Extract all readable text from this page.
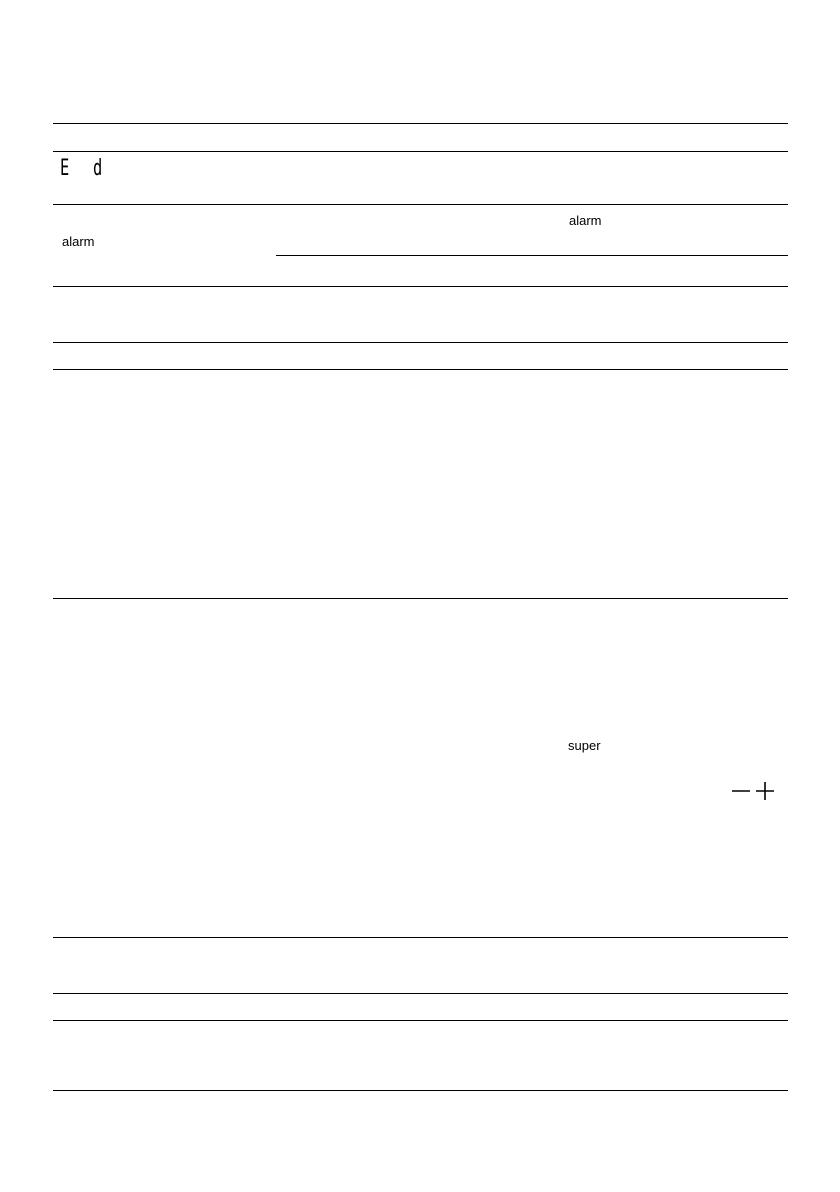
E d
alarm
alarm
super
